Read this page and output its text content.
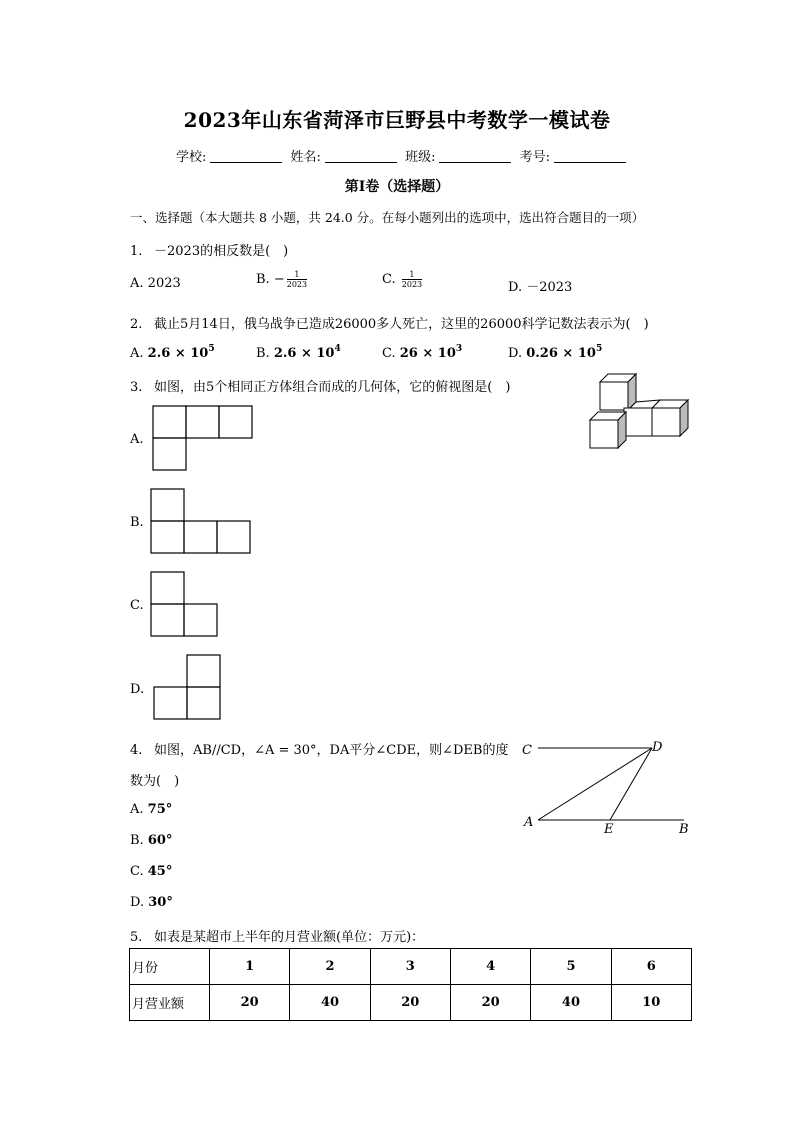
2023年山东省菏泽市巨野县中考数学一模试卷
学校:	姓名:	班级:	考号:
第Ⅰ卷（选择题）
一、选择题（本大题共 8 小题，共 24.0 分。在每小题列出的选项中，选出符合题目的一项）
1. －2023的相反数是(　)
A. 2023	B. − $\frac{1}{2023}$	C. $\frac{1}{2023}$	D. －2023
2. 截止5月14日，俄乌战争已造成26000多人死亡，这里的26000科学记数法表示为(　)
A. $2.6 \times 10^5$	B. $2.6 \times 10^4$	C. $26 \times 10^3$	D. $0.26 \times 10^5$
3. 如图，由5个相同正方体组合而成的几何体，它的俯视图是(　)
A.
B.
C.
D.
4. 如图，AB//CD，∠A = 30°，DA平分∠CDE，则∠DEB的度
数为(　)
A. 75°
B. 60°
C. 45°
D. 30°
C	D
A	E	B
5. 如表是某超市上半年的月营业额(单位：万元)：
月份	1	2	3	4	5	6
月营业额	20	40	20	20	40	10
